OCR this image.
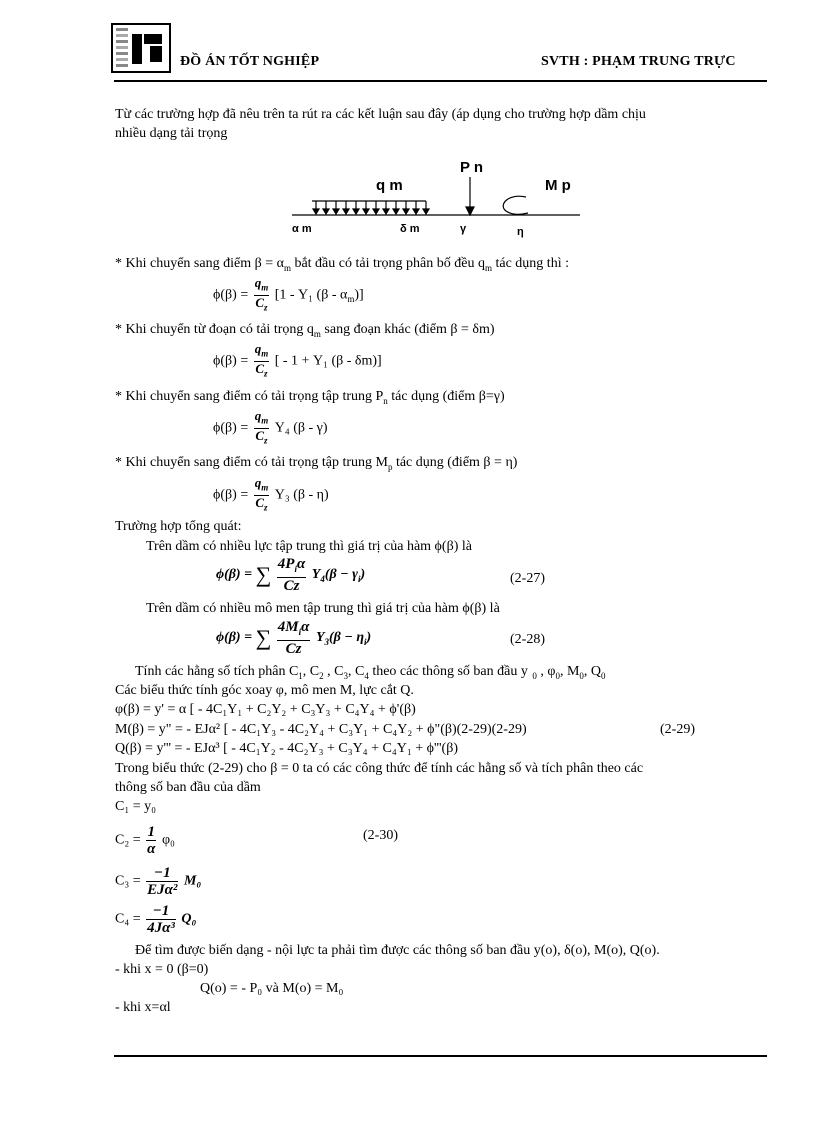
ĐỒ ÁN TỐT NGHIỆP	SVTH : PHẠM TRUNG TRỰC
Từ các trường hợp đã nêu trên ta rút ra các kết luận sau đây (áp dụng cho trường hợp dầm chịu
nhiều dạng tải trọng
q m
P n
M p
α m	δ m	γ	η
* Khi chuyển sang điểm $\beta = \alpha_m$ bắt đầu có tải trọng phân bố đều $q_m$ tác dụng thì :
$\phi(\beta) = \frac{q_m}{C_z} [1 - Y_1$ $(\beta - \alpha_m)$]
* Khi chuyển từ đoạn có tải trọng $q_m$ sang đoạn khác (điểm β = δm)
$\phi(\beta) = \frac{q_m}{C_z}$ [ - 1 + Y₁ (β - δm)]
* Khi chuyển sang điểm có tải trọng tập trung $P_n$ tác dụng (điểm β=γ)
$\phi(\beta) = \frac{q_m}{C_z} Y_4$ (β - γ)
* Khi chuyển sang điểm có tải trọng tập trung $M_p$ tác dụng (điểm β = η)
$\phi(\beta) = \frac{q_m}{C_z} Y_3$ (β - η)
Trường hợp tổng quát:
Trên dầm có nhiều lực tập trung thì giá trị của hàm ϕ(β) là
ϕ(β) = ∑ $\frac{4P_i\alpha}{Cz} Y_4(\beta - \gamma_i)$	(2-27)
Trên dầm có nhiều mô men tập trung thì giá trị của hàm ϕ(β) là
ϕ(β) = ∑ $\frac{4M_i\alpha}{Cz} Y_3(\beta - \eta_i)$	(2-28)
Tính các hằng số tích phân $C_1$, $C_2$ , $C_3$, $C_4$ theo các thông số ban đầu y $_0$ , $\varphi_0$, $M_0$, $Q_0$
Các biểu thức tính góc xoay φ, mô men M, lực cắt Q.
φ(β) = y' = α [ - 4C₁Y₁ + C₂Y₂ + C₃Y₃ + C₄Y₄ + ϕ'(β)
M(β) = y" = - EJα² [ - 4C₁Y₃ - 4C₂Y₄ + C₃Y₁ + C₄Y₂ + ϕ"(β)(2-29)(2-29)	(2-29)
Q(β) = y''' = - EJα³ [ - 4C₁Y₂ - 4C₂Y₃ + C₃Y₄ + C₄Y₁ + ϕ'''(β)
Trong biểu thức (2-29) cho β = 0 ta có các công thức để tính các hằng số và tích phân theo các
thông số ban đầu của dầm
C₁ = y₀
$C_2 = \frac{1}{\alpha} \varphi_0$	(2-30)
$C_3 = \frac{-1}{\text{EJα²}} M_0$
$C_4 = \frac{-1}{\text{4Jα³}} Q_0$
Để tìm được biến dạng - nội lực ta phải tìm được các thông số ban đầu y(o), δ(o), M(o), Q(o).
- khi x = 0 (β=0)
Q(o) = - P₀ và M(o) = M₀
- khi x=αl
